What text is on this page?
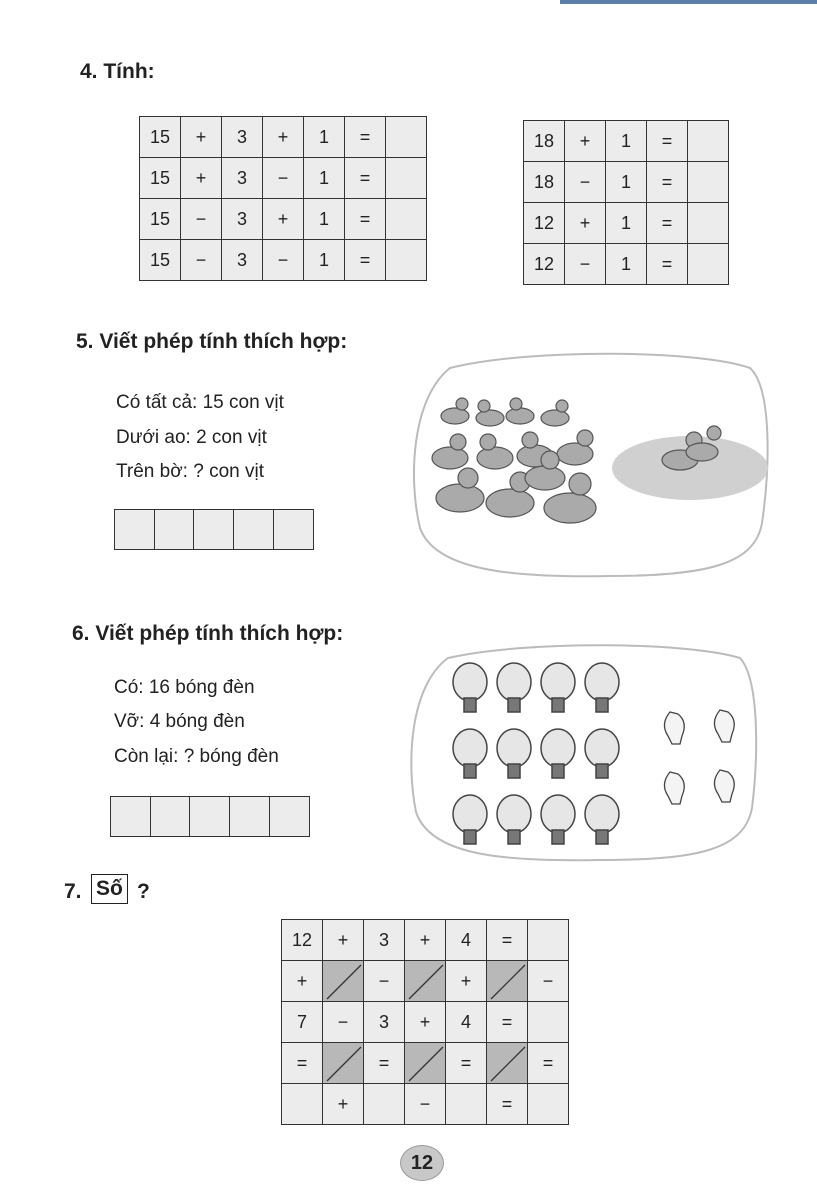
4. Tính:
15	+	3	+	1	=	
15	+	3	−	1	=	
15	−	3	+	1	=	
15	−	3	−	1	=	
18	+	1	=	
18	−	1	=	
12	+	1	=	
12	−	1	=	
5. Viết phép tính thích hợp:
Có tất cả: 15 con vịt
Dưới ao: 2 con vịt
Trên bờ: ? con vịt
6. Viết phép tính thích hợp:
Có: 16 bóng đèn
Vỡ: 4 bóng đèn
Còn lại: ? bóng đèn
7. Số ?
12	+	3	+	4	=	
+		−		+		−
7	−	3	+	4	=	
=		=		=		=
	+		−		=	
12
